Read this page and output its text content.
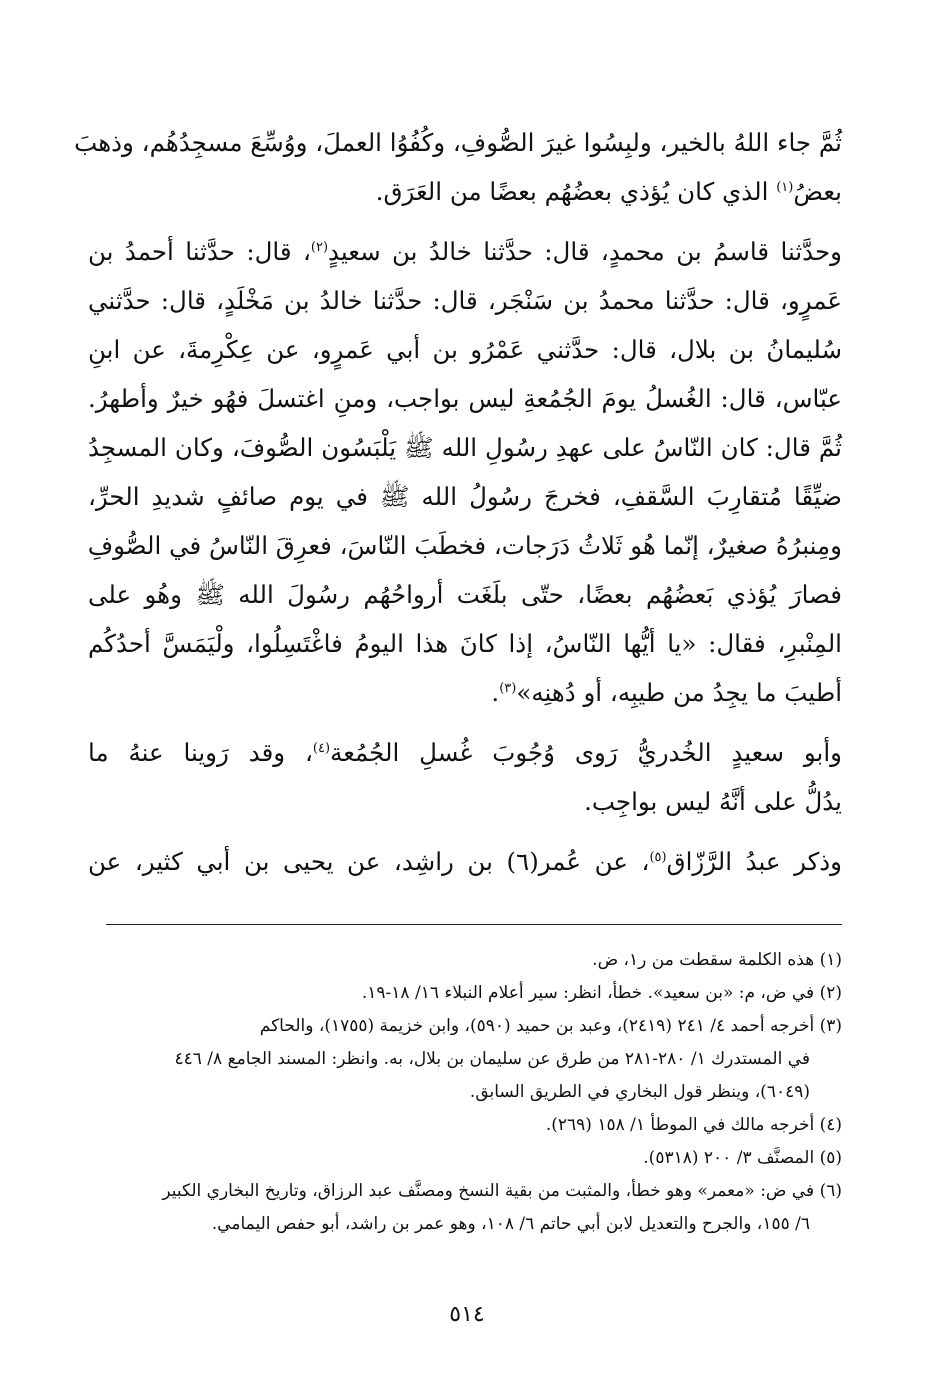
ثُمَّ جاء اللهُ بالخير، ولبِسُوا غيرَ الصُّوفِ، وكُفُوُا العملَ، ووُسِّعَ مسجِدُهُم، وذهبَ
بعضُ$^{(١)}$ الذي كان يُؤذي بعضُهُم بعضًا من العَرَق.
وحدَّثنا قاسمُ بن محمدٍ، قال: حدَّثنا خالدُ بن سعيدٍ$^{(٢)}$، قال: حدَّثنا أحمدُ بن
عَمرٍو، قال: حدَّثنا محمدُ بن سَنْجَر، قال: حدَّثنا خالدُ بن مَخْلَدٍ، قال: حدَّثني
سُليمانُ بن بلال، قال: حدَّثني عَمْرُو بن أبي عَمرٍو، عن عِكْرِمةَ، عن ابنِ
عبّاس، قال: الغُسلُ يومَ الجُمُعةِ ليس بواجب، ومنِ اغتسلَ فهُو خيرٌ وأطهرُ.
ثُمَّ قال: كان النّاسُ على عهدِ رسُولِ الله ﷺ يَلْبَسُون الصُّوفَ، وكان المسجِدُ
ضيِّقًا مُتقارِبَ السَّقفِ، فخرجَ رسُولُ الله ﷺ في يوم صائفٍ شديدِ الحرِّ،
ومِنبرُهُ صغيرٌ، إنّما هُو ثَلاثُ دَرَجات، فخطَبَ النّاسَ، فعرِقَ النّاسُ في الصُّوفِ
فصارَ يُؤذي بَعضُهُم بعضًا، حتّى بلَغَت أرواحُهُم رسُولَ الله ﷺ وهُو على
المِنْبرِ، فقال: «يا أيُّها النّاسُ، إذا كانَ هذا اليومُ فاغْتَسِلُوا، ولْيَمَسَّ أحدُكُم
أطيبَ ما يجِدُ من طيبِه، أو دُهنِه»$^{(٣)}$.
وأبو سعيدٍ الخُدريُّ رَوى وُجُوبَ غُسلِ الجُمُعة$^{(٤)}$، وقد رَوينا عنهُ ما
يدُلُّ على أنَّهُ ليس بواجِب.
وذكر عبدُ الرَّزّاق$^{(٥)}$، عن عُمر(٦) بن راشِد، عن يحيى بن أبي كثير، عن
(١) هذه الكلمة سقطت من ر١، ض.
(٢) في ض، م: «بن سعيد». خطأ، انظر: سير أعلام النبلاء ١٦/ ١٨-١٩.
(٣) أخرجه أحمد ٤/ ٢٤١ (٢٤١٩)، وعبد بن حميد (٥٩٠)، وابن خزيمة (١٧٥٥)، والحاكم
في المستدرك ١/ ٢٨٠-٢٨١ من طرق عن سليمان بن بلال، به. وانظر: المسند الجامع ٨/ ٤٤٦
(٦٠٤٩)، وينظر قول البخاري في الطريق السابق.
(٤) أخرجه مالك في الموطأ ١/ ١٥٨ (٢٦٩).
(٥) المصنَّف ٣/ ٢٠٠ (٥٣١٨).
(٦) في ض: «معمر» وهو خطأ، والمثبت من بقية النسخ ومصنَّف عبد الرزاق، وتاريخ البخاري الكبير
٦/ ١٥٥، والجرح والتعديل لابن أبي حاتم ٦/ ١٠٨، وهو عمر بن راشد، أبو حفص اليمامي.
٥١٤
